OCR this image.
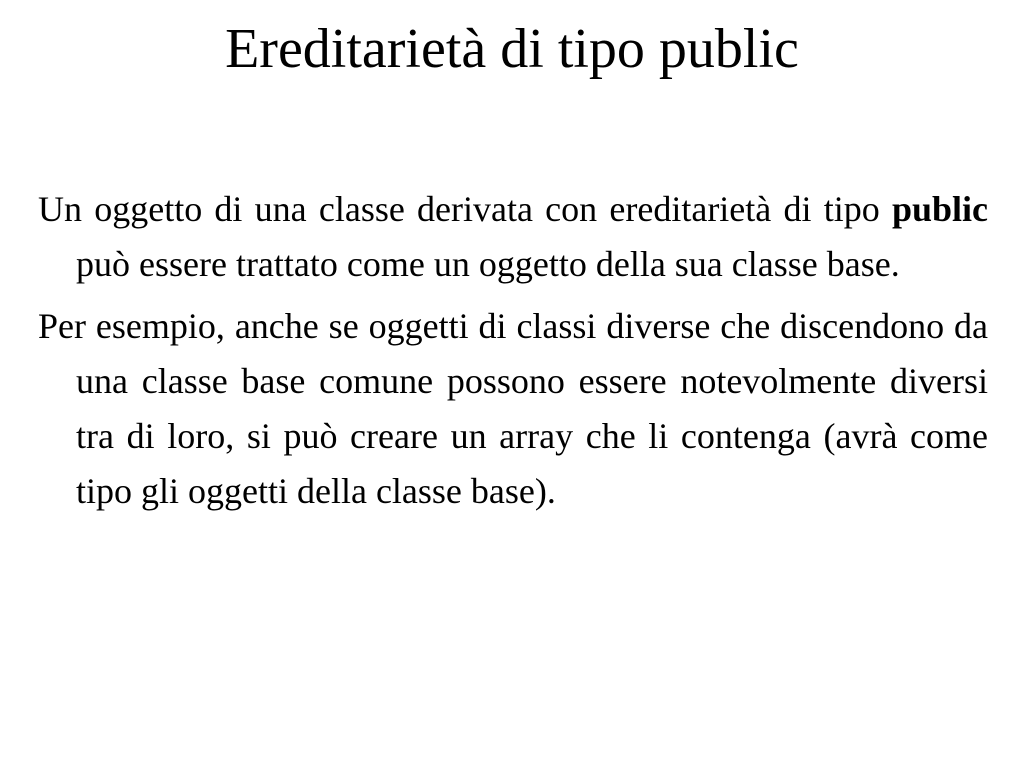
Ereditarietà di tipo public

Un oggetto di una classe derivata con ereditarietà di tipo public può essere trattato come un oggetto della sua classe base.

Per esempio, anche se oggetti di classi diverse che discendono da una classe base comune possono essere notevolmente diversi tra di loro, si può creare un array che li contenga (avrà come tipo gli oggetti della classe base).
